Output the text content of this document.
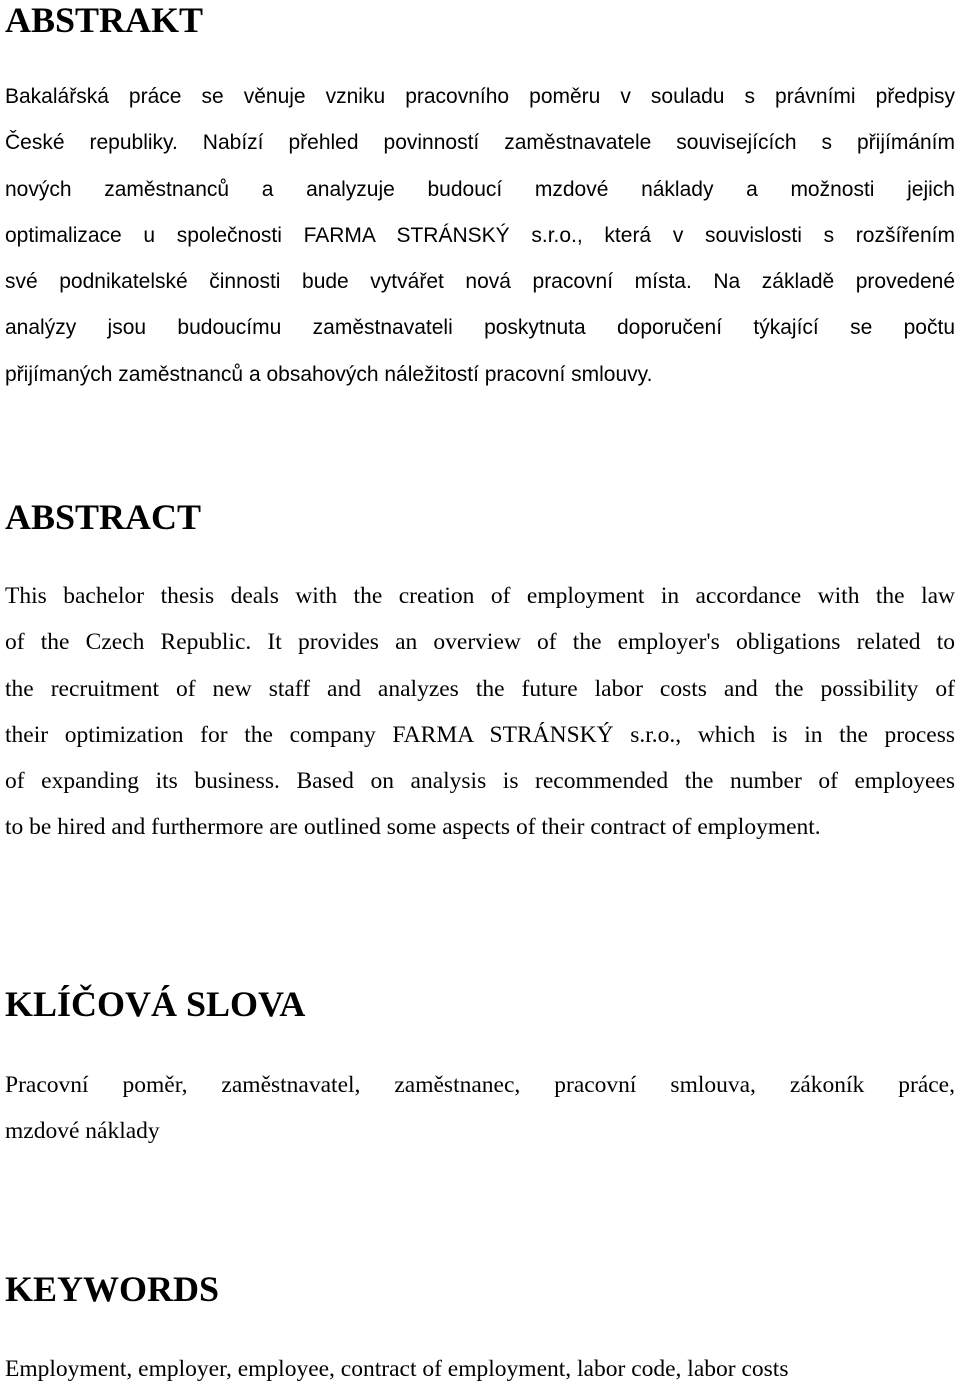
ABSTRAKT
Bakalářská práce se věnuje vzniku pracovního poměru v souladu s právními předpisy
České republiky. Nabízí přehled povinností zaměstnavatele souvisejících s přijímáním
nových zaměstnanců a analyzuje budoucí mzdové náklady a možnosti jejich
optimalizace u společnosti FARMA STRÁNSKÝ s.r.o., která v souvislosti s rozšířením
své podnikatelské činnosti bude vytvářet nová pracovní místa. Na základě provedené
analýzy jsou budoucímu zaměstnavateli poskytnuta doporučení týkající se počtu
přijímaných zaměstnanců a obsahových náležitostí pracovní smlouvy.
ABSTRACT
This bachelor thesis deals with the creation of employment in accordance with the law
of the Czech Republic. It provides an overview of the employer's obligations related to
the recruitment of new staff and analyzes the future labor costs and the possibility of
their optimization for the company FARMA STRÁNSKÝ s.r.o., which is in the process
of expanding its business. Based on analysis is recommended the number of employees
to be hired and furthermore are outlined some aspects of their contract of employment.
KLÍČOVÁ SLOVA
Pracovní poměr, zaměstnavatel, zaměstnanec, pracovní smlouva, zákoník práce,
mzdové náklady
KEYWORDS
Employment, employer, employee, contract of employment, labor code, labor costs
